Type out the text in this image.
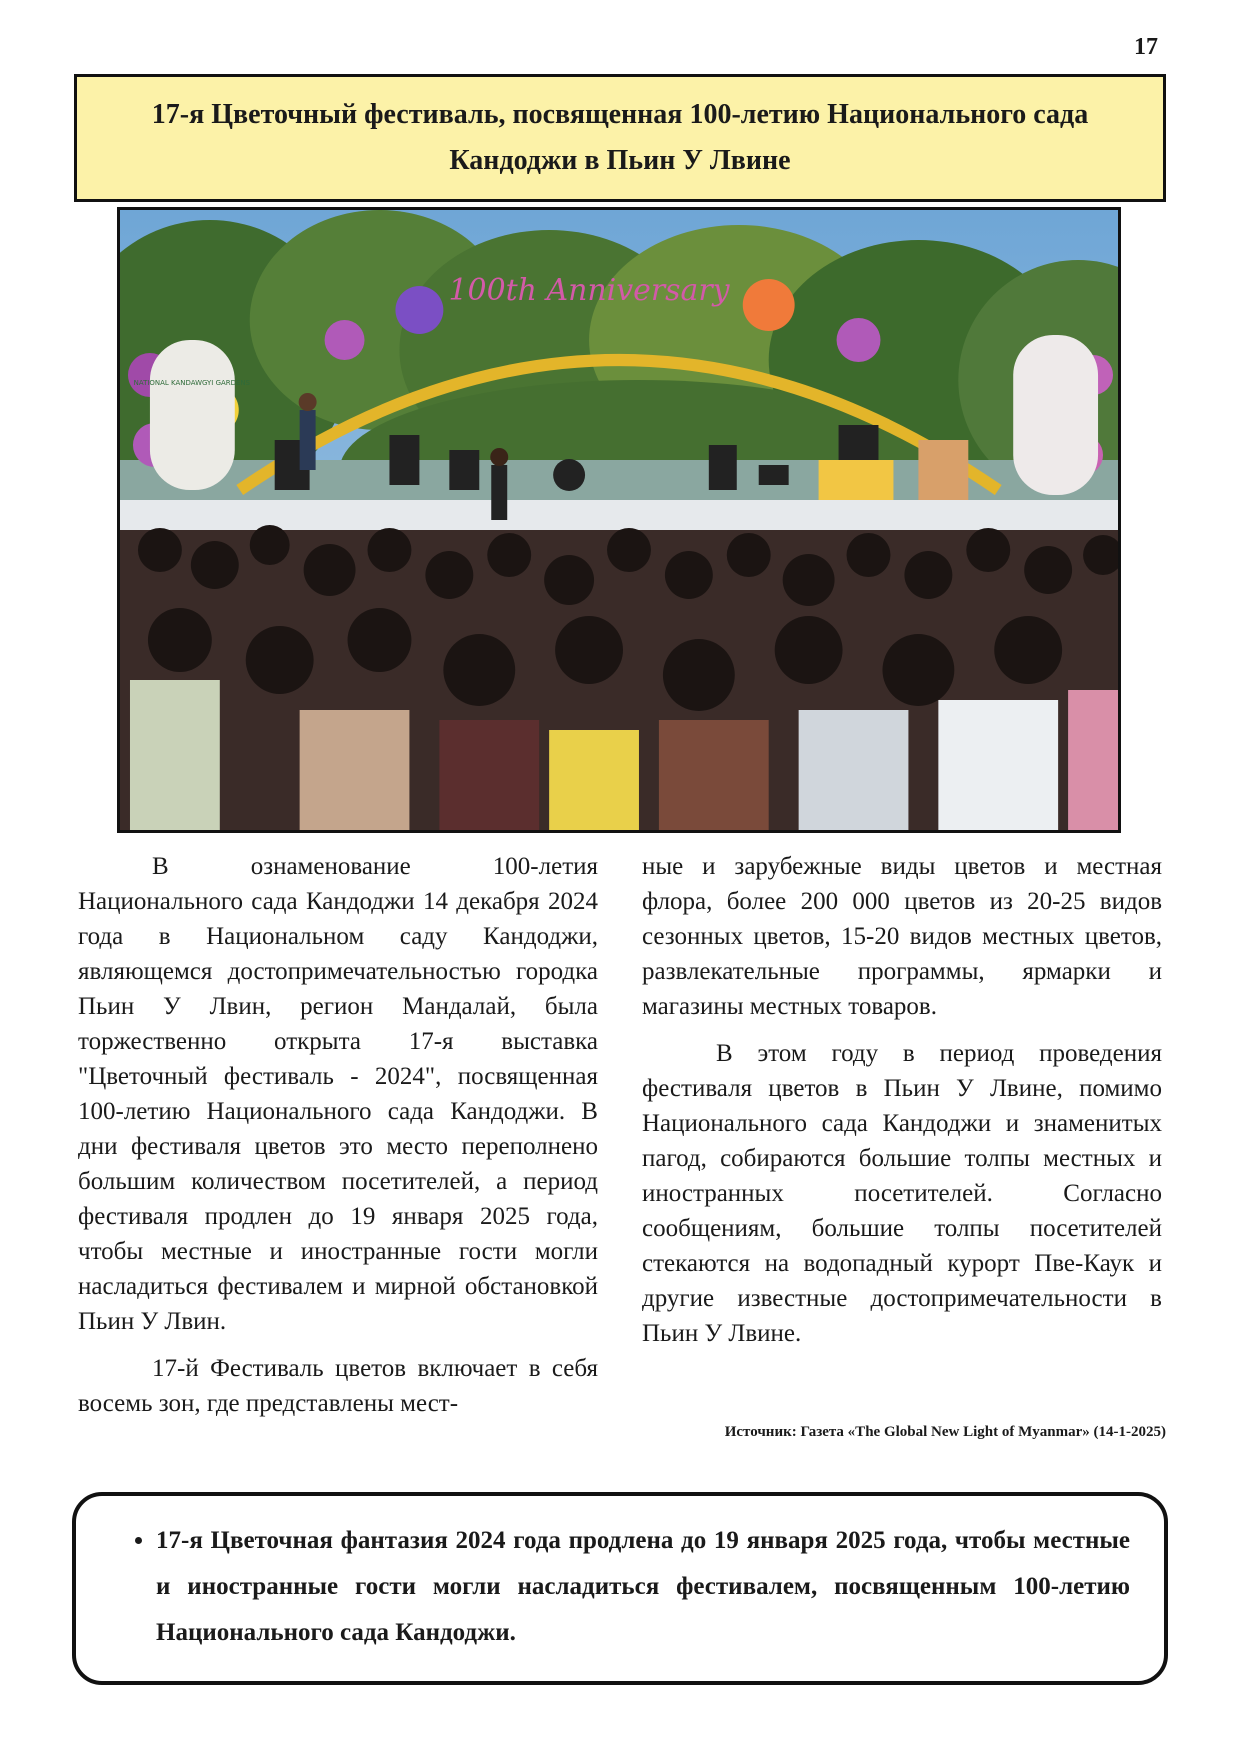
17
17-я Цветочный фестиваль, посвященная 100-летию Национального сада Кандоджи в Пьин У Лвине
100th Anniversary
NATIONAL KANDAWGYI GARDENS

В ознаменование 100-летия Национального сада Кандоджи 14 декабря 2024 года в Национальном саду Кандоджи, являющемся достопримечательностью городка Пьин У Лвин, регион Мандалай, была торжественно открыта 17-я выставка "Цветочный фестиваль - 2024", посвященная 100-летию Национального сада Кандоджи. В дни фестиваля цветов это место переполнено большим количеством посетителей, а период фестиваля продлен до 19 января 2025 года, чтобы местные и иностранные гости могли насладиться фестивалем и мирной обстановкой Пьин У Лвин.

17-й Фестиваль цветов включает в себя восемь зон, где представлены мест-

ные и зарубежные виды цветов и местная флора, более 200 000 цветов из 20-25 видов сезонных цветов, 15-20 видов местных цветов, развлекательные программы, ярмарки и магазины местных товаров.

В этом году в период проведения фестиваля цветов в Пьин У Лвине, помимо Национального сада Кандоджи и знаменитых пагод, собираются большие толпы местных и иностранных посетителей. Согласно сообщениям, большие толпы посетителей стекаются на водопадный курорт Пве-Каук и другие известные достопримечательности в Пьин У Лвине.

Источник: Газета «The Global New Light of Myanmar» (14-1-2025)
• 17-я Цветочная фантазия 2024 года продлена до 19 января 2025 года, чтобы местные и иностранные гости могли насладиться фестивалем, посвященным 100-летию Национального сада Кандоджи.
